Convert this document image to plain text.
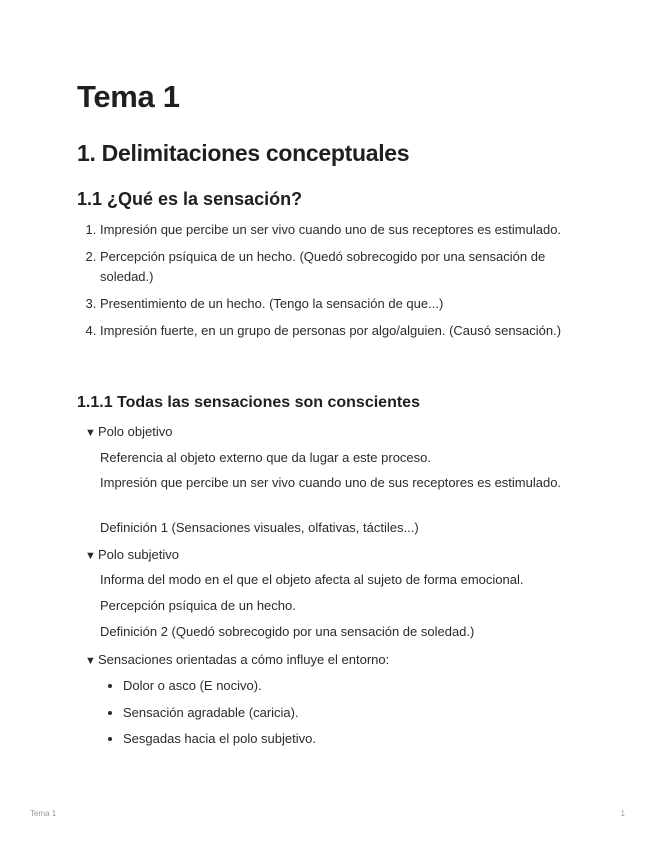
Tema 1
1. Delimitaciones conceptuales
1.1 ¿Qué es la sensación?
1. Impresión que percibe un ser vivo cuando uno de sus receptores es estimulado.
2. Percepción psíquica de un hecho. (Quedó sobrecogido por una sensación de soledad.)
3. Presentimiento de un hecho. (Tengo la sensación de que...)
4. Impresión fuerte, en un grupo de personas por algo/alguien. (Causó sensación.)
1.1.1 Todas las sensaciones son conscientes
▼ Polo objetivo

Referencia al objeto externo que da lugar a este proceso.

Impresión que percibe un ser vivo cuando uno de sus receptores es estimulado.

Definición 1 (Sensaciones visuales, olfativas, táctiles...)

▼ Polo subjetivo

Informa del modo en el que el objeto afecta al sujeto de forma emocional.

Percepción psíquica de un hecho.

Definición 2 (Quedó sobrecogido por una sensación de soledad.)

▼ Sensaciones orientadas a cómo influye el entorno:
• Dolor o asco (E nocivo).
• Sensación agradable (caricia).
• Sesgadas hacia el polo subjetivo.
Tema 1	1
